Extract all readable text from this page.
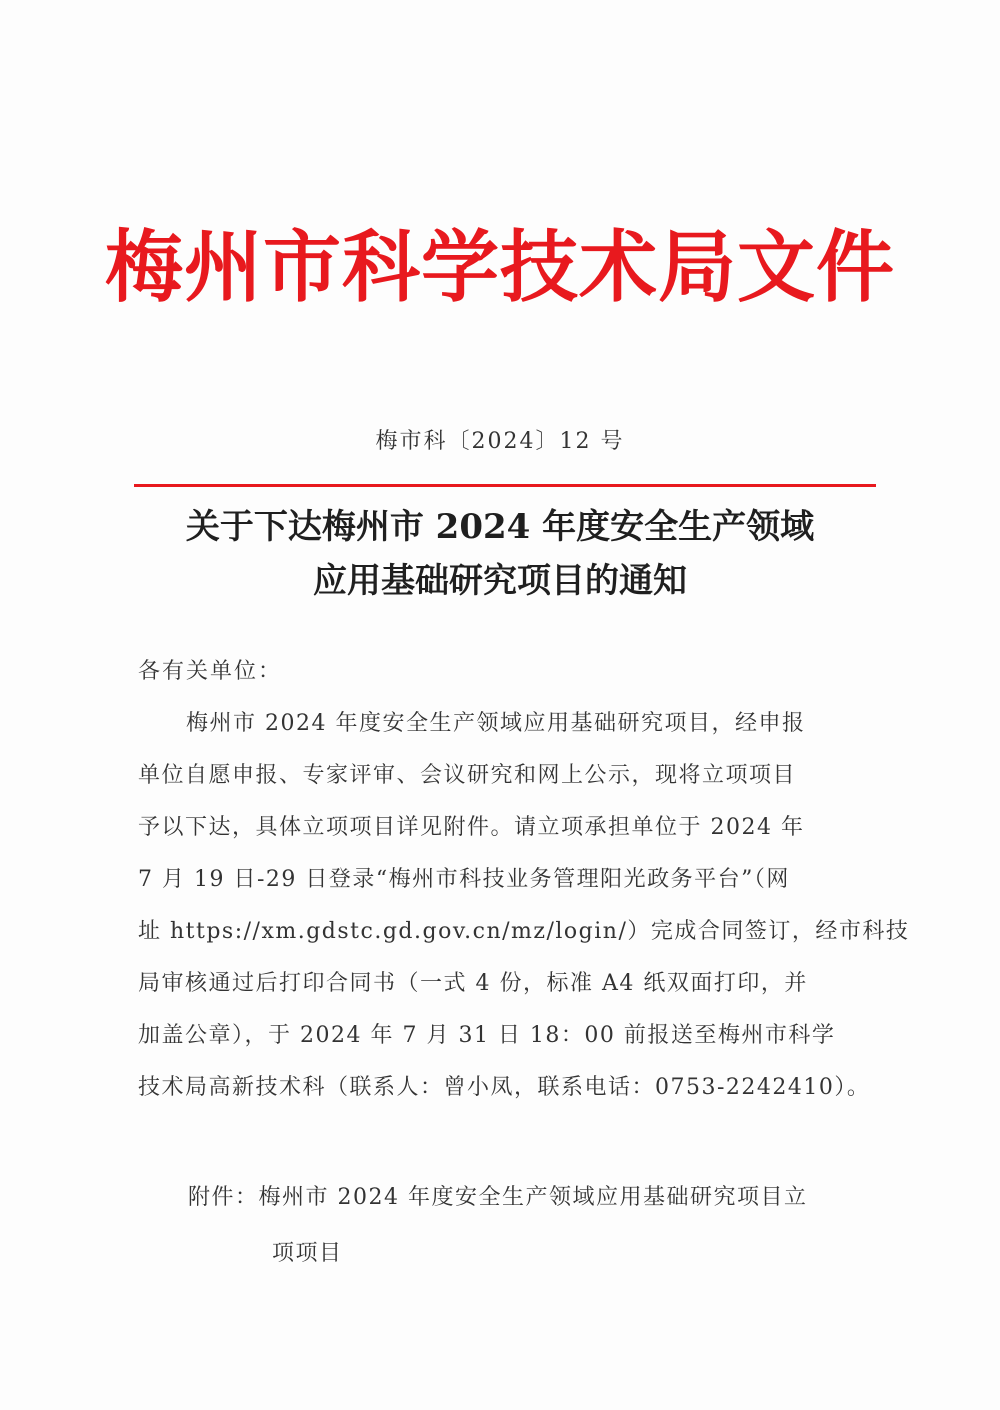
梅州市科学技术局文件
梅市科〔2024〕12 号
关于下达梅州市 2024 年度安全生产领域
应用基础研究项目的通知
各有关单位：
梅州市 2024 年度安全生产领域应用基础研究项目，经申报
单位自愿申报、专家评审、会议研究和网上公示，现将立项项目
予以下达，具体立项项目详见附件。请立项承担单位于 2024 年
7 月 19 日-29 日登录“梅州市科技业务管理阳光政务平台”（网
址 https://xm.gdstc.gd.gov.cn/mz/login/）完成合同签订，经市科技
局审核通过后打印合同书（一式 4 份，标准 A4 纸双面打印，并
加盖公章），于 2024 年 7 月 31 日 18：00 前报送至梅州市科学
技术局高新技术科（联系人：曾小凤，联系电话：0753-2242410）。
附件：梅州市 2024 年度安全生产领域应用基础研究项目立
项项目
